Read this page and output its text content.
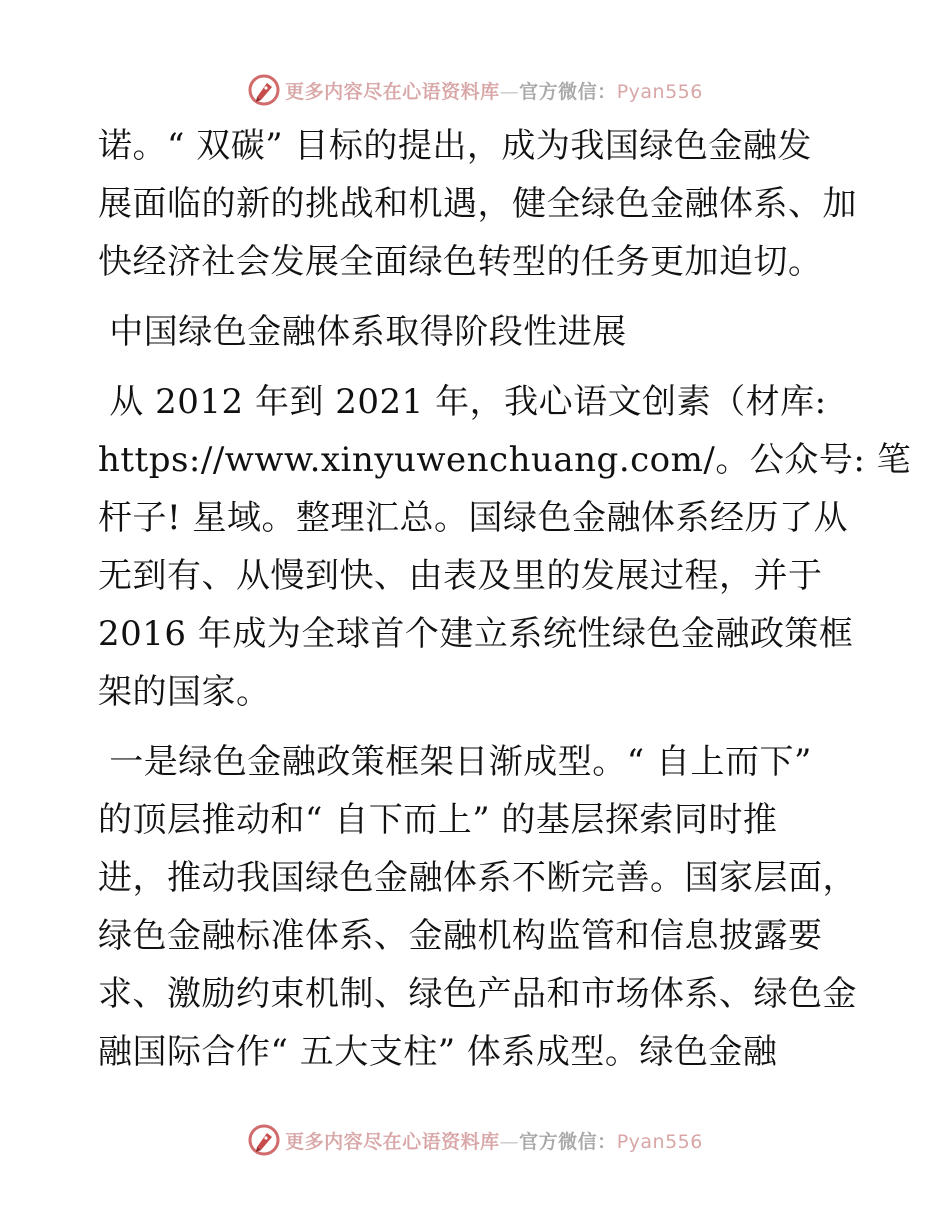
更多内容尽在心语资料库—官方微信：Pyan556
诺。“ 双碳” 目标的提出，成为我国绿色金融发
展面临的新的挑战和机遇，健全绿色金融体系、加
快经济社会发展全面绿色转型的任务更加迫切。
中国绿色金融体系取得阶段性进展
从 2012 年到 2021 年，我心语文创素（材库:
https://www.xinyuwenchuang.com/。公众号: 笔
杆子! 星域。整理汇总。国绿色金融体系经历了从
无到有、从慢到快、由表及里的发展过程，并于
2016 年成为全球首个建立系统性绿色金融政策框
架的国家。
一是绿色金融政策框架日渐成型。“ 自上而下”
的顶层推动和“ 自下而上” 的基层探索同时推
进，推动我国绿色金融体系不断完善。国家层面，
绿色金融标准体系、金融机构监管和信息披露要
求、激励约束机制、绿色产品和市场体系、绿色金
融国际合作“ 五大支柱” 体系成型。绿色金融
更多内容尽在心语资料库—官方微信：Pyan556
